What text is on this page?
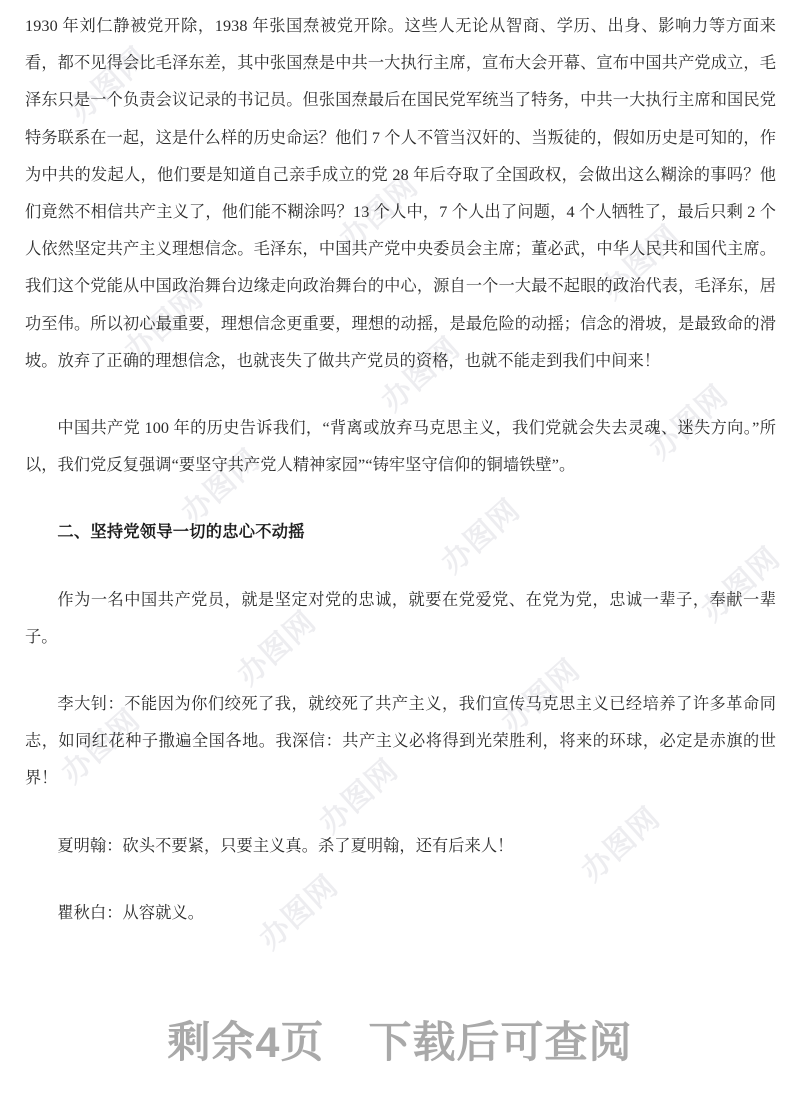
办图网
办图网
办图网
办图网
办图网
办图网
办图网
办图网
办图网
办图网
办图网
办图网
办图网
办图网
办图网

1930 年刘仁静被党开除，1938 年张国焘被党开除。这些人无论从智商、学历、出身、影响力等方面来看，都不见得会比毛泽东差，其中张国焘是中共一大执行主席，宣布大会开幕、宣布中国共产党成立，毛泽东只是一个负责会议记录的书记员。但张国焘最后在国民党军统当了特务，中共一大执行主席和国民党特务联系在一起，这是什么样的历史命运？他们 7 个人不管当汉奸的、当叛徒的，假如历史是可知的，作为中共的发起人，他们要是知道自己亲手成立的党 28 年后夺取了全国政权，会做出这么糊涂的事吗？他们竟然不相信共产主义了，他们能不糊涂吗？13 个人中，7 个人出了问题，4 个人牺牲了，最后只剩 2 个人依然坚定共产主义理想信念。毛泽东，中国共产党中央委员会主席；董必武，中华人民共和国代主席。我们这个党能从中国政治舞台边缘走向政治舞台的中心，源自一个一大最不起眼的政治代表，毛泽东，居功至伟。所以初心最重要，理想信念更重要，理想的动摇，是最危险的动摇；信念的滑坡，是最致命的滑坡。放弃了正确的理想信念，也就丧失了做共产党员的资格，也就不能走到我们中间来！

中国共产党 100 年的历史告诉我们，“背离或放弃马克思主义，我们党就会失去灵魂、迷失方向。”所以，我们党反复强调“要坚守共产党人精神家园”“铸牢坚守信仰的铜墙铁壁”。

二、坚持党领导一切的忠心不动摇

作为一名中国共产党员，就是坚定对党的忠诚，就要在党爱党、在党为党，忠诚一辈子，奉献一辈子。

李大钊：不能因为你们绞死了我，就绞死了共产主义，我们宣传马克思主义已经培养了许多革命同志，如同红花种子撒遍全国各地。我深信：共产主义必将得到光荣胜利，将来的环球，必定是赤旗的世界！

夏明翰：砍头不要紧，只要主义真。杀了夏明翰，还有后来人！

瞿秋白：从容就义。

剩余4页　下载后可查阅
